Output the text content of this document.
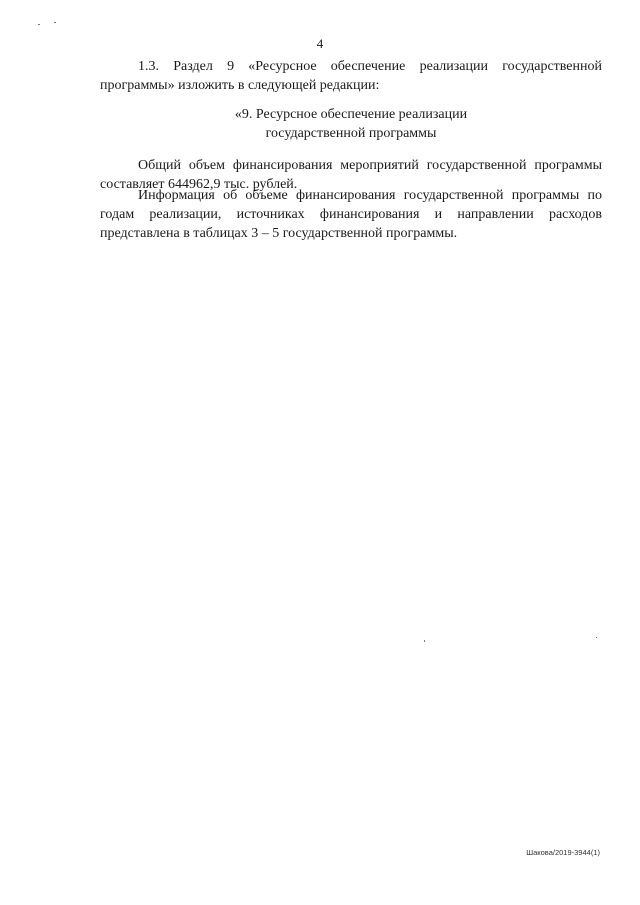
4

1.3. Раздел 9 «Ресурсное обеспечение реализации государственной программы» изложить в следующей редакции:

«9. Ресурсное обеспечение реализации
государственной программы

Общий объем финансирования мероприятий государственной программы составляет 644962,9 тыс. рублей.

Информация об объеме финансирования государственной программы по годам реализации, источниках финансирования и направлении расходов представлена в таблицах 3 – 5 государственной программы.

Шакова/2019-3944(1)
